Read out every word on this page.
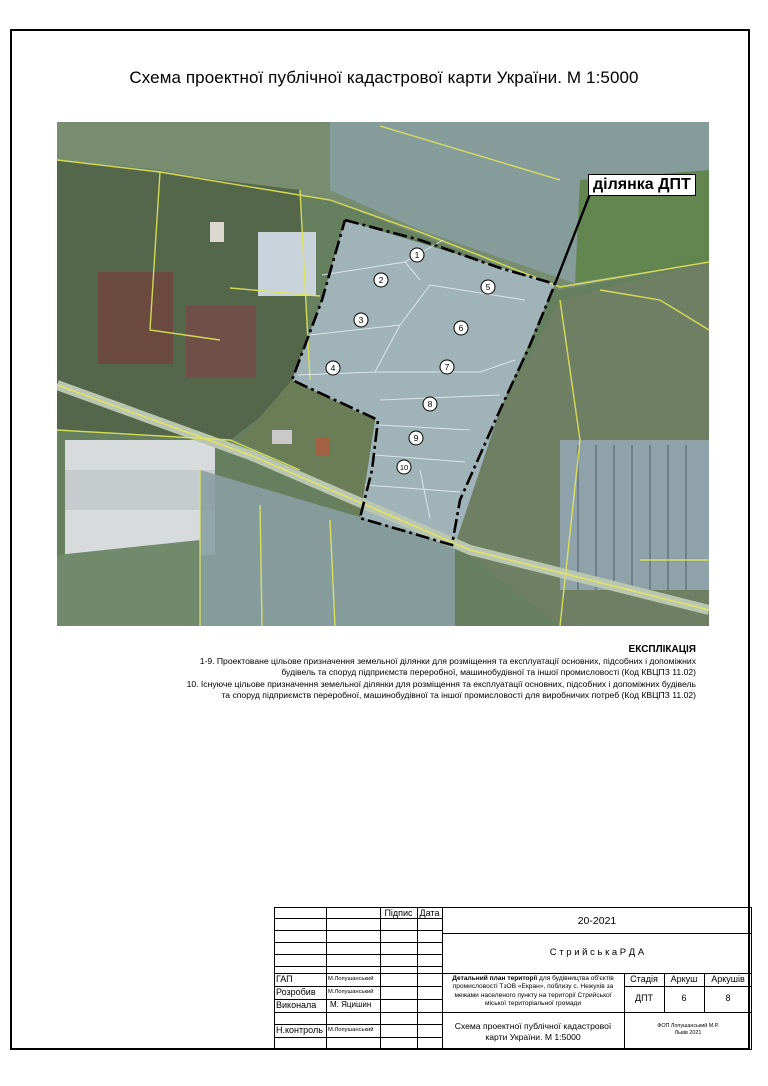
Схема проектної публічної кадастрової карти України. М 1:5000
1
2
5
3
6
4	7
8
9
10
ділянка ДПТ
ЕКСПЛІКАЦІЯ
1-9. Проектоване цільове призначення земельної ділянки для розміщення та експлуатації основних, підсобних і допоміжних
будівель та споруд підприємств переробної, машинобудівної та іншої промисловості (Код КВЦПЗ 11.02)
10. Існуюче цільове призначення земельної ділянки для розміщення та експлуатації основних, підсобних і допоміжних будівель
та споруд підприємств переробної, машинобудівної та іншої промисловості для виробничих потреб (Код КВЦПЗ 11.02)
Підпис Дата
20-2021
С т р и й с ь к а Р Д А
ГАП	М.Лопушанський
Розробив	М.Лопушанський
Виконала	М. Яцишин
Н.контроль М.Лопушанський
Детальний план території для будівництва об'єктів промисловості ТзОВ «Екран», поблизу с. Нежухів за межами населеного пункту на території Стрийської міської територіальної громади
Стадія	Аркуш	Аркушів
ДПТ	6	8
Схема проектної публічної кадастрової карти України. М 1:5000
ФОП Лопушанський М.Р.
Львів 2021
